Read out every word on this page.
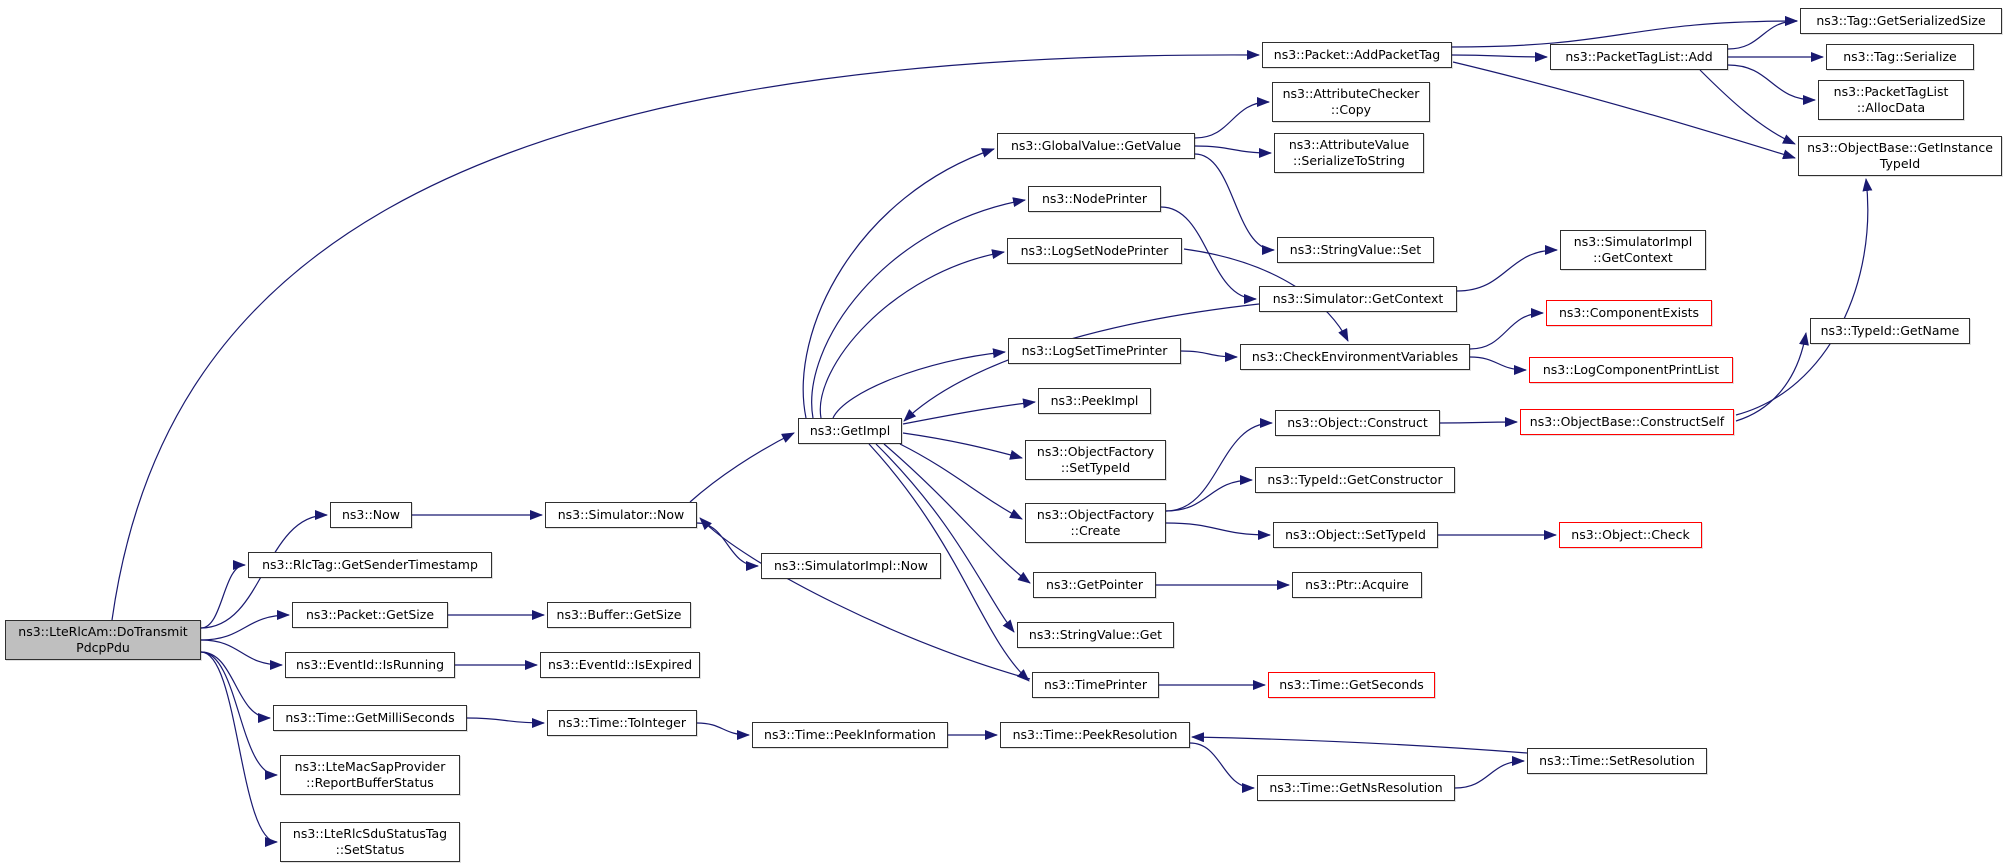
ns3::LteRlcAm::DoTransmit
PdcpPdu
ns3::Now
ns3::RlcTag::GetSenderTimestamp
ns3::Packet::GetSize
ns3::EventId::IsRunning
ns3::Time::GetMilliSeconds
ns3::LteMacSapProvider
::ReportBufferStatus
ns3::LteRlcSduStatusTag
::SetStatus
ns3::Simulator::Now
ns3::Buffer::GetSize
ns3::EventId::IsExpired
ns3::Time::ToInteger
ns3::GetImpl
ns3::SimulatorImpl::Now
ns3::Time::PeekInformation
ns3::GlobalValue::GetValue
ns3::NodePrinter
ns3::LogSetNodePrinter
ns3::LogSetTimePrinter
ns3::PeekImpl
ns3::ObjectFactory
::SetTypeId
ns3::ObjectFactory
::Create
ns3::GetPointer
ns3::StringValue::Get
ns3::TimePrinter
ns3::Time::PeekResolution
ns3::Packet::AddPacketTag
ns3::AttributeChecker
::Copy
ns3::AttributeValue
::SerializeToString
ns3::StringValue::Set
ns3::Simulator::GetContext
ns3::CheckEnvironmentVariables
ns3::Object::Construct
ns3::TypeId::GetConstructor
ns3::Object::SetTypeId
ns3::Time::GetSeconds
ns3::Time::GetNsResolution
ns3::PacketTagList::Add
ns3::SimulatorImpl
::GetContext
ns3::ComponentExists
ns3::LogComponentPrintList
ns3::ObjectBase::ConstructSelf
ns3::Object::Check
ns3::Ptr::Acquire
ns3::Time::SetResolution
ns3::Tag::GetSerializedSize
ns3::Tag::Serialize
ns3::PacketTagList
::AllocData
ns3::ObjectBase::GetInstance
TypeId
ns3::TypeId::GetName
